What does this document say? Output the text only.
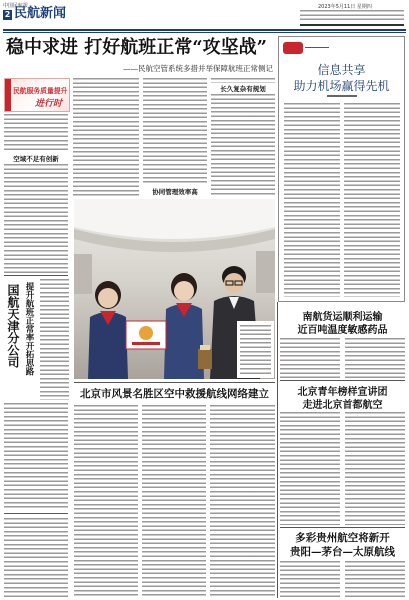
中国民航报
2 民航新闻	2023年5月11日 星期四
稳中求进 打好航班正常“攻坚战”
——民航空管系统多措并举保障航班正常侧记
民航服务质量提升
进行时
空域不足有创新
协同管理效率高
长久复杂有规划
国航天津分公司 提升航班正常率开拓思路
北京市风景名胜区空中救援航线网络建立
信息共享
助力机场赢得先机
南航货运顺利运输
近百吨温度敏感药品
北京青年榜样宣讲团
走进北京首都航空
多彩贵州航空将新开
贵阳—茅台—太原航线
